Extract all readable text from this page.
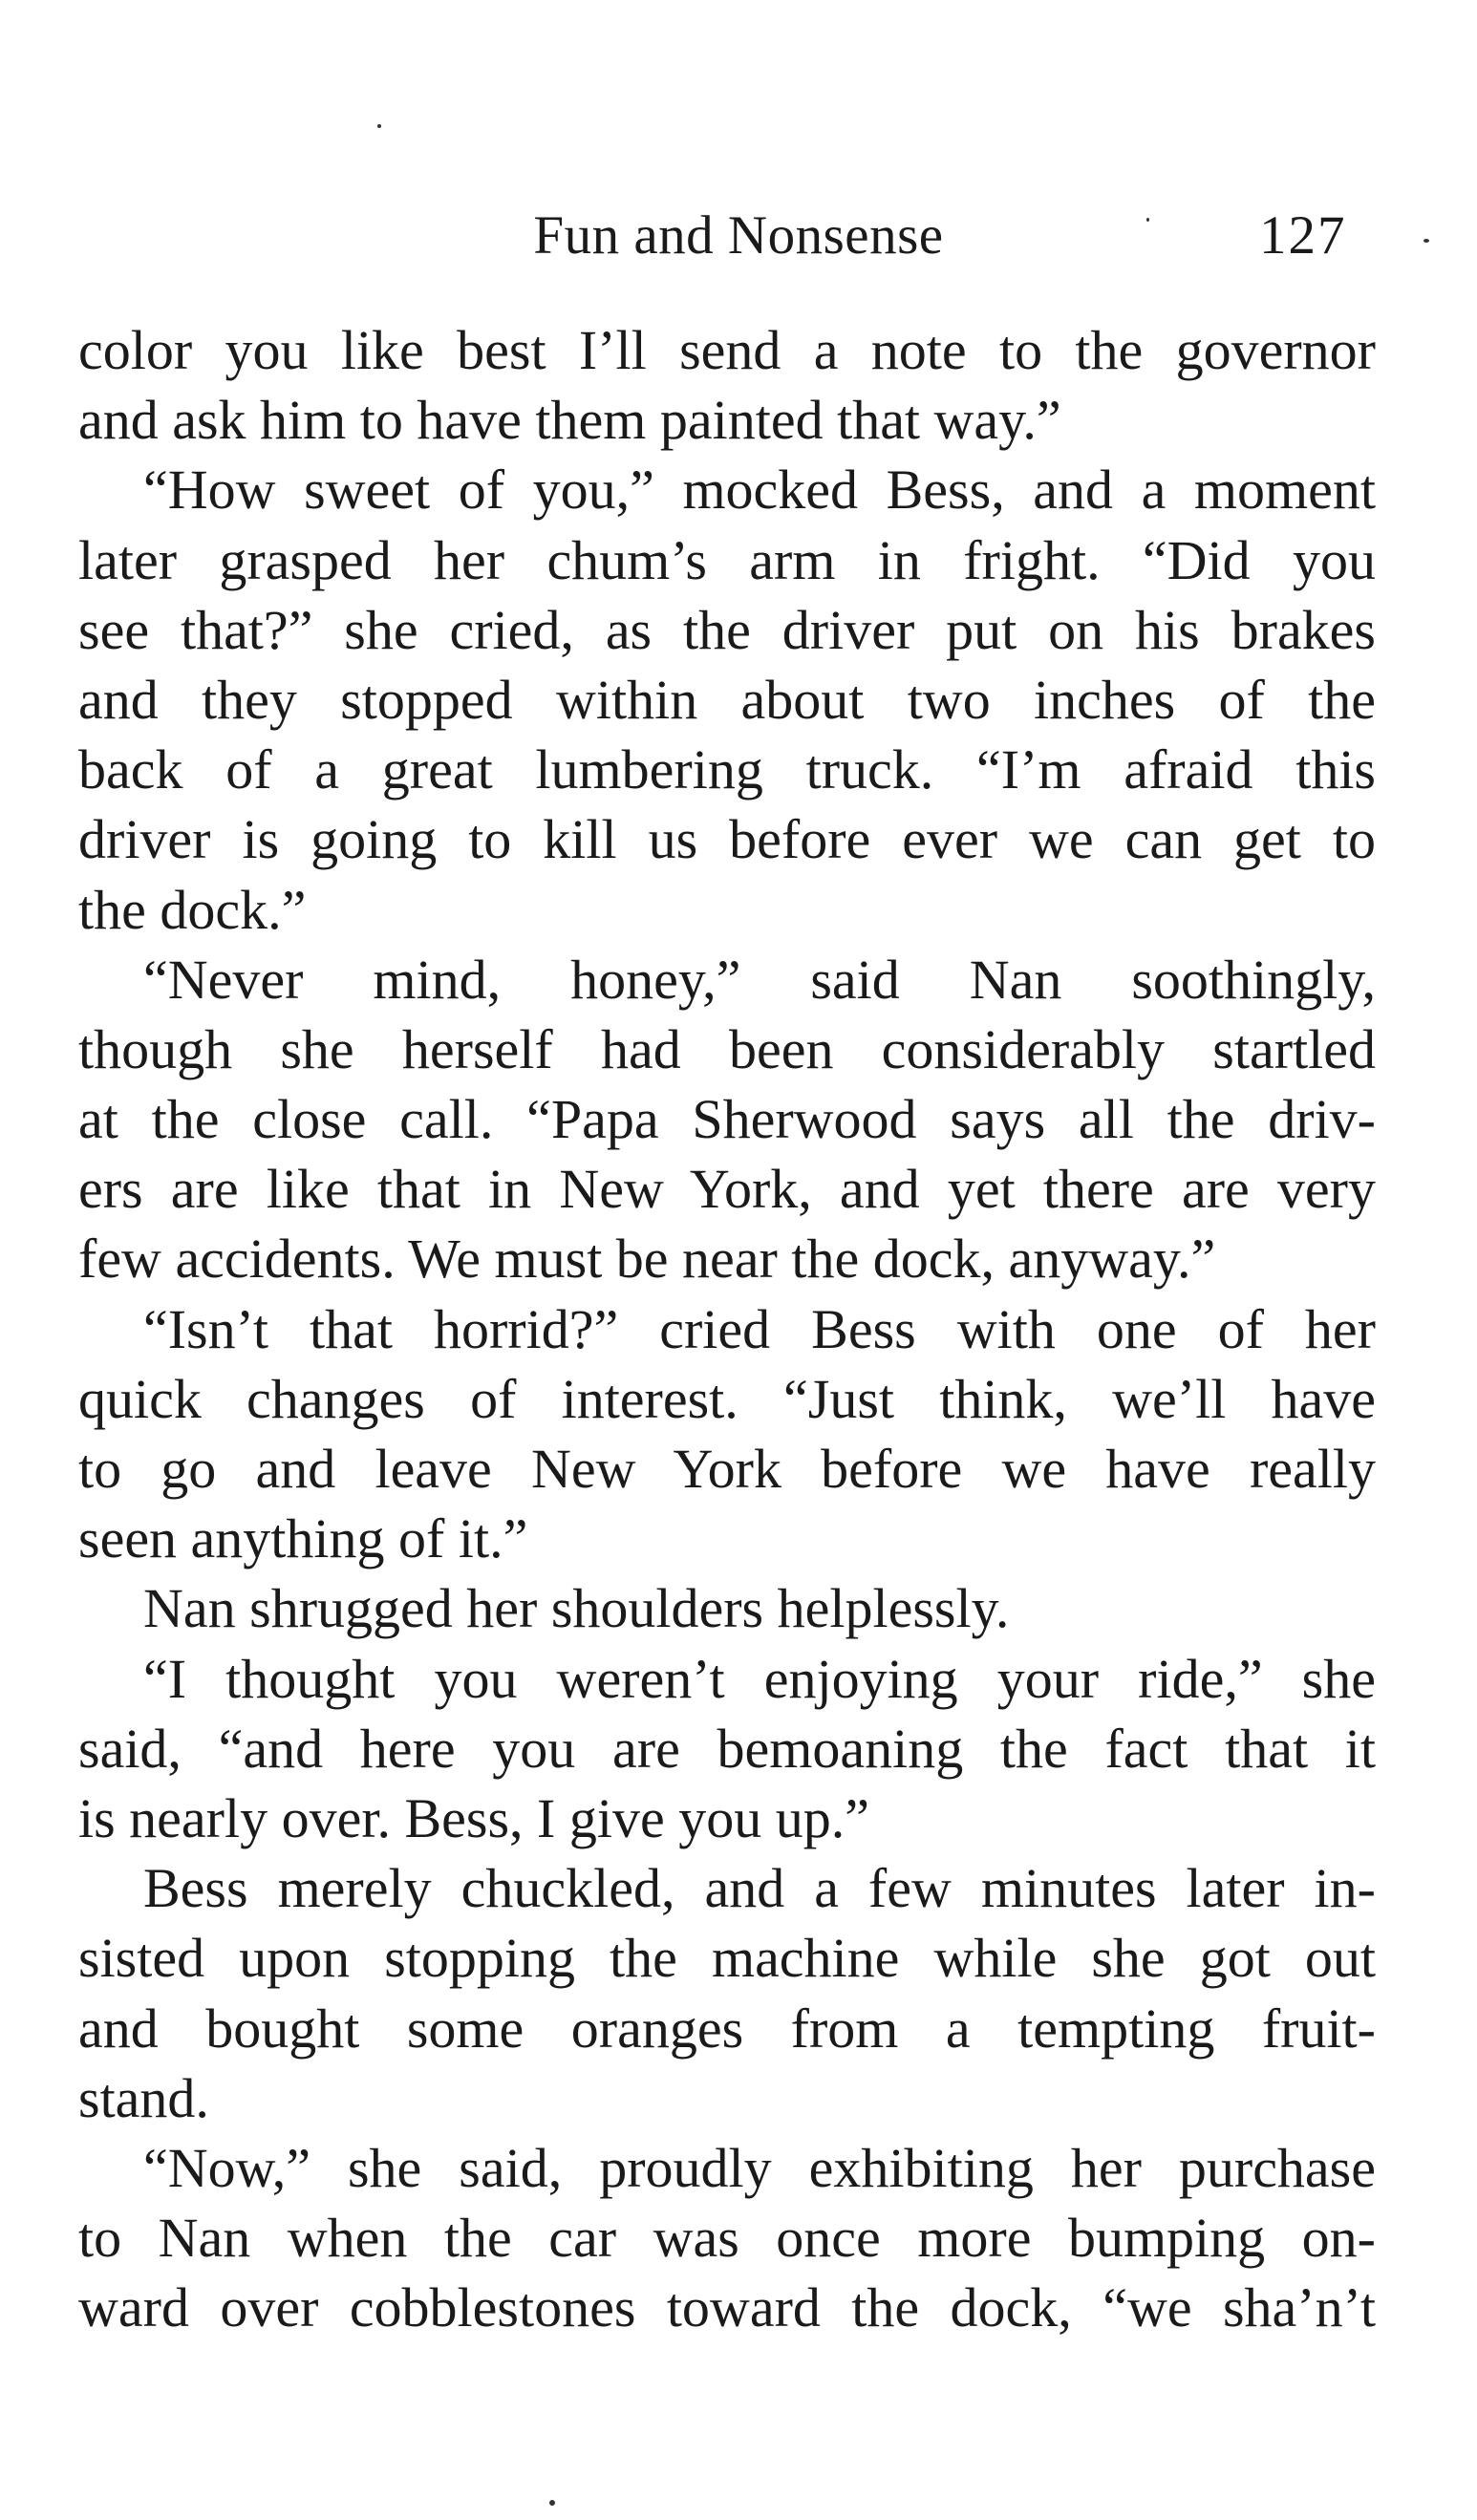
Fun and Nonsense	127
color you like best I’ll send a note to the governor
and ask him to have them painted that way.”
“How sweet of you,” mocked Bess, and a moment
later grasped her chum’s arm in fright. “Did you
see that?” she cried, as the driver put on his brakes
and they stopped within about two inches of the
back of a great lumbering truck. “I’m afraid this
driver is going to kill us before ever we can get to
the dock.”
“Never mind, honey,” said Nan soothingly,
though she herself had been considerably startled
at the close call. “Papa Sherwood says all the driv-
ers are like that in New York, and yet there are very
few accidents. We must be near the dock, anyway.”
“Isn’t that horrid?” cried Bess with one of her
quick changes of interest. “Just think, we’ll have
to go and leave New York before we have really
seen anything of it.”
Nan shrugged her shoulders helplessly.
“I thought you weren’t enjoying your ride,” she
said, “and here you are bemoaning the fact that it
is nearly over. Bess, I give you up.”
Bess merely chuckled, and a few minutes later in-
sisted upon stopping the machine while she got out
and bought some oranges from a tempting fruit-
stand.
“Now,” she said, proudly exhibiting her purchase
to Nan when the car was once more bumping on-
ward over cobblestones toward the dock, “we sha’n’t
